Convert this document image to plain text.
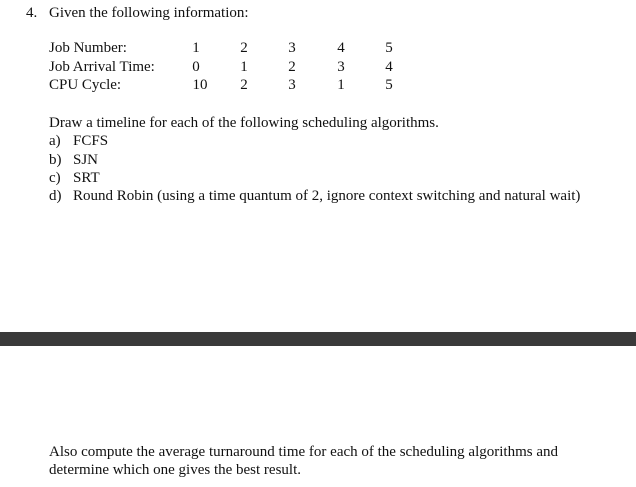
4. Given the following information:
Job Number:	1	2	3	4	5
Job Arrival Time:	0	1	2	3	4
CPU Cycle:	10	2	3	1	5
Draw a timeline for each of the following scheduling algorithms.
a) FCFS
b) SJN
c) SRT
d) Round Robin (using a time quantum of 2, ignore context switching and natural wait)
Also compute the average turnaround time for each of the scheduling algorithms and determine which one gives the best result.
